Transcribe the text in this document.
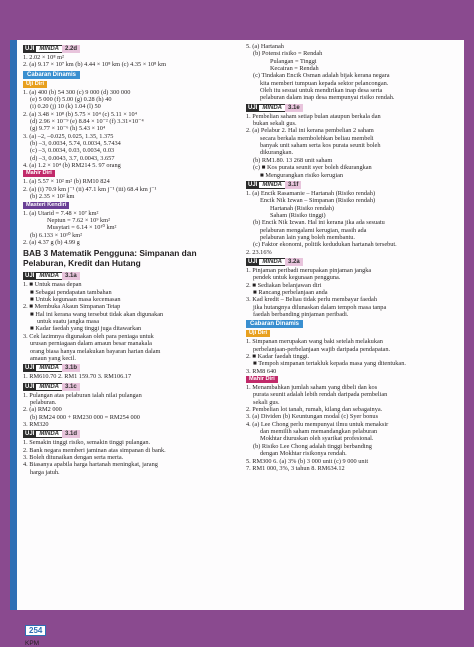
UJI MINDA 2.2d
1. 2.02 × 10⁸ m²
2. (a) 9.17 × 10⁷ km (b) 4.44 × 10⁸ km (c) 4.35 × 10⁸ km
Cabaran Dinamis
Uji Diri
1. (a) 400 (b) 54 300 (c) 9 000 (d) 300 000
(e) 5 000 (f) 5.00 (g) 0.28 (h) 40
(i) 0.20 (j) 10 (k) 1.04 (l) 50
2. (a) 3.48 × 10⁸ (b) 5.75 × 10⁴ (c) 5.11 × 10⁴
(d) 2.96 × 10⁻⁹ (e) 8.84 × 10⁻² (f) 3.31×10⁻⁴
(g) 9.77 × 10⁻⁶ (h) 5.43 × 10⁴
3. (a) –2, –0.025, 0.025, 1.35, 1.375
(b) –3, 0.0034, 5.74, 0.0034, 5.7434
(c) –3, 0.0034, 0.03, 0.0034, 0.03
(d) –3, 0.0043, 3.7, 0.0043, 3.657
4. (a) 1.2 × 10⁴ (b) RM214 5. 97 orang
Mahir Diri
1. (a) 5.57 × 10² m² (b) RM10 824
2. (a) (i) 70.9 km j⁻¹ (ii) 47.1 km j⁻¹ (iii) 68.4 km j⁻¹
(b) 2.35 × 10² km
Masteri Kendiri
1. (a) Utarid = 7.48 × 10⁷ km²
Neptun = 7.62 × 10⁹ km²
Musytari = 6.14 × 10¹⁰ km²
(b) 6.133 × 10¹⁰ km²
2. (a) 4.37 g (b) 4.99 g
BAB 3 Matematik Pengguna: Simpanan dan Pelaburan, Kredit dan Hutang
UJI MINDA 3.1a
1. ■ Untuk masa depan
■ Sebagai pendapatan tambahan
■ Untuk kegunaan masa kecemasan
2. ■ Membuka Akaun Simpanan Tetap
■ Hal ini kerana wang tersebut tidak akan digunakan
untuk suatu jangka masa
■ Kadar faedah yang tinggi juga ditawarkan
3. Cek lazimnya digunakan oleh para peniaga untuk
urusan perniagaan dalam amaun besar manakala
orang biasa hanya melakukan bayaran harian dalam
amaun yang kecil.
UJI MINDA 3.1b
1. RM610.70 2. RM1 159.70 3. RM106.17
UJI MINDA 3.1c
1. Pulangan atas pelaburan ialah nilai pulangan
pelaburan.
2. (a) RM2 000
(b) RM24 000 + RM230 000 = RM254 000
3. RM320
UJI MINDA 3.1d
1. Semakin tinggi risiko, semakin tinggi pulangan.
2. Bank negara memberi jaminan atas simpanan di bank.
3. Boleh ditunaikan dengan serta merta.
4. Biasanya apabila harga hartanah meningkat, jarang
harga jatuh.
5. (a) Hartanah
(b) Potensi risiko = Rendah
Pulangan = Tinggi
Kecairan = Rendah
(c) Tindakan Encik Osman adalah bijak kerana negara
kita memberi tumpuan kepada sektor pelancongan.
Oleh itu sesuai untuk mendirikan inap desa serta
pelaburan dalam inap desa mempunyai risiko rendah.
UJI MINDA 3.1e
1. Pembelian saham setiap bulan ataupun berkala dan
bukan sekali gus.
2. (a) Pelabur 2. Hal ini kerana pembelian 2 saham
secara berkala membolehkan beliau membeli
banyak unit saham serta kos purata seunit boleh
dikurangkan.
(b) RM1.80. 13 268 unit saham
(c) ■ Kos purata seunit syer boleh dikurangkan
■ Mengurangkan risiko kerugian
UJI MINDA 3.1f
1. (a) Encik Rasamanie – Hartanah (Risiko rendah)
Encik Nik Izwan – Simpanan (Risiko rendah)
Hartanah (Risiko rendah)
Saham (Risiko tinggi)
(b) Encik Nik Izwan. Hal ini kerana jika ada sesuatu
pelaburan mengalami kerugian, masih ada
pelaburan lain yang boleh membantu.
(c) Faktor ekonomi, politik kedudukan hartanah tersebut.
2. 23.16%
UJI MINDA 3.2a
1. Pinjaman peribadi merupakan pinjaman jangka
pendek untuk kegunaan pengguna.
2. ■ Sediakan belanjawan diri
■ Rancang perbelanjaan anda
3. Kad kredit – Beliau tidak perlu membayar faedah
jika hutangnya dilunaskan dalam tempoh masa tanpa
faedah berbanding pinjaman peribadi.
Cabaran Dinamis
Uji Diri
1. Simpanan merupakan wang baki setelah melakukan
perbelanjaan-perbelanjaan wajib daripada pendapatan.
2. ■ Kadar faedah tinggi.
■ Tempoh simpanan tertakluk kepada masa yang ditentukan.
3. RM8 640
Mahir Diri
1. Menambahkan jumlah saham yang dibeli dan kos
purata seunit adalah lebih rendah daripada pembelian
sekali gus.
2. Pembelian lot tanah, rumah, kilang dan sebagainya.
3. (a) Dividen (b) Keuntungan modal (c) Syer bonus
4. (a) Lee Chong perlu mempunyai ilmu untuk menaksir
dan memilih saham memandangkan pelaburan
Mokhtar diuruskan oleh syarikat profesional.
(b) Risiko Lee Chong adalah tinggi berbanding
dengan Mokhtar risikonya rendah.
5. RM300 6. (a) 3% (b) 3 000 unit (c) 9 000 unit
7. RM1 000, 3%, 3 tahun 8. RM634.12
254
KPM
